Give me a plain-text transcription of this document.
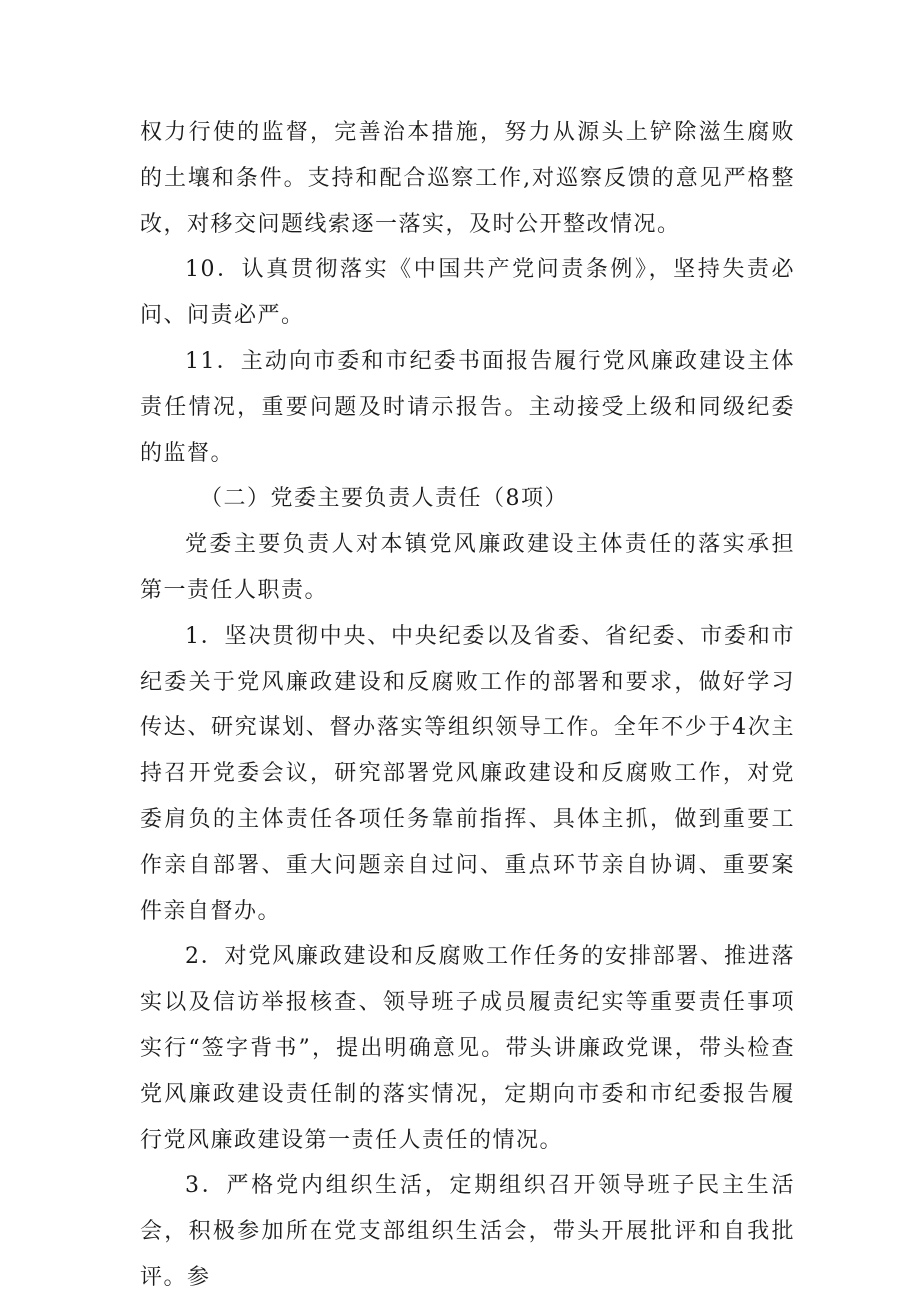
权力行使的监督，完善治本措施，努力从源头上铲除滋生腐败的土壤和条件。支持和配合巡察工作,对巡察反馈的意见严格整改，对移交问题线索逐一落实，及时公开整改情况。

10．认真贯彻落实《中国共产党问责条例》，坚持失责必问、问责必严。

11．主动向市委和市纪委书面报告履行党风廉政建设主体责任情况，重要问题及时请示报告。主动接受上级和同级纪委的监督。

（二）党委主要负责人责任（8项）

党委主要负责人对本镇党风廉政建设主体责任的落实承担第一责任人职责。

1．坚决贯彻中央、中央纪委以及省委、省纪委、市委和市纪委关于党风廉政建设和反腐败工作的部署和要求，做好学习传达、研究谋划、督办落实等组织领导工作。全年不少于4次主持召开党委会议，研究部署党风廉政建设和反腐败工作，对党委肩负的主体责任各项任务靠前指挥、具体主抓，做到重要工作亲自部署、重大问题亲自过问、重点环节亲自协调、重要案件亲自督办。

2．对党风廉政建设和反腐败工作任务的安排部署、推进落实以及信访举报核查、领导班子成员履责纪实等重要责任事项实行“签字背书”，提出明确意见。带头讲廉政党课，带头检查党风廉政建设责任制的落实情况，定期向市委和市纪委报告履行党风廉政建设第一责任人责任的情况。

3．严格党内组织生活，定期组织召开领导班子民主生活会，积极参加所在党支部组织生活会，带头开展批评和自我批评。参
